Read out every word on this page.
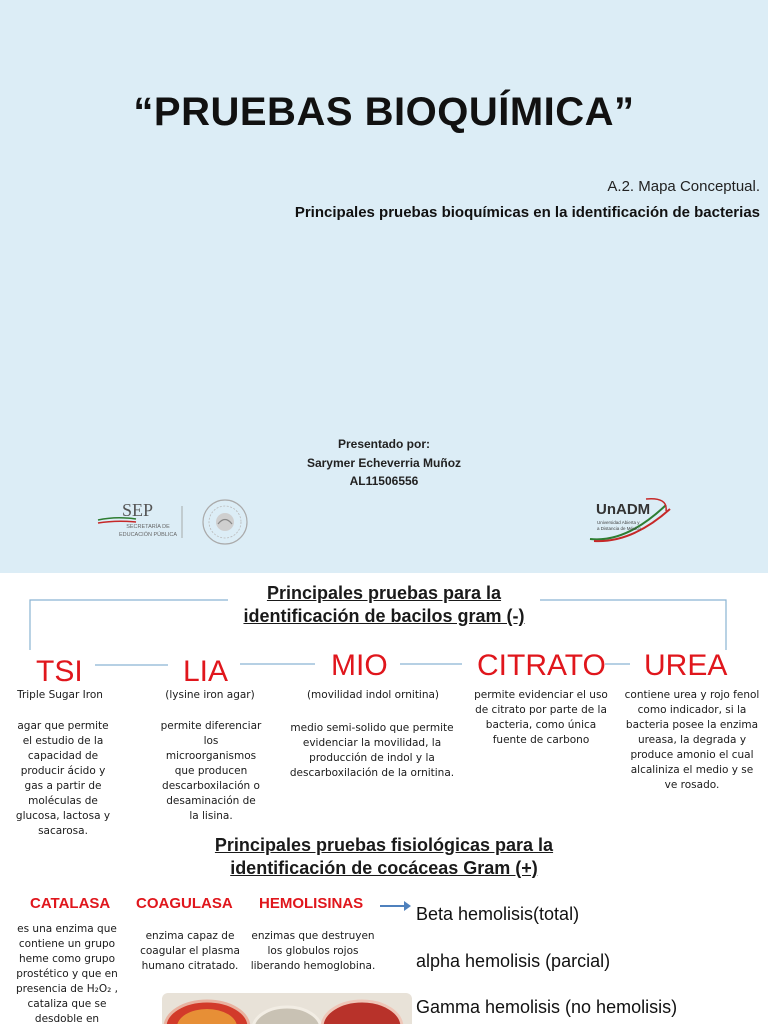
“PRUEBAS BIOQUÍMICA”
A.2. Mapa Conceptual.
Principales pruebas bioquímicas en la identificación de bacterias
Presentado por:
Sarymer Echeverria Muñoz
AL11506556
SEP
SECRETARÍA DE
EDUCACIÓN PÚBLICA
UnADM
Universidad Abierta y
a Distancia de México
Principales pruebas para la
identificación de bacilos gram (-)
TSI
Triple Sugar Iron
agar que permite el estudio de la capacidad de producir ácido y gas a partir de moléculas de glucosa, lactosa y sacarosa.
LIA
(lysine iron agar)
permite diferenciar los microorganismos que producen descarboxilación o desaminación de la lisina.
MIO
(movilidad indol ornitina)
medio semi-solido que permite evidenciar la movilidad, la producción de indol y la descarboxilación de la ornitina.
CITRATO
permite evidenciar el uso de citrato por parte de la bacteria, como única fuente de carbono
UREA
contiene urea y rojo fenol como indicador, si la bacteria posee la enzima ureasa, la degrada y produce amonio el cual alcaliniza el medio y se ve rosado.
Principales pruebas fisiológicas para la
identificación de cocáceas Gram (+)
CATALASA
es una enzima que contiene un grupo heme como grupo prostético y que en presencia de H₂O₂ , cataliza que se desdoble en
COAGULASA
enzima capaz de coagular el plasma humano citratado.
HEMOLISINAS
enzimas que destruyen los globulos rojos liberando hemoglobina.
Beta hemolisis(total)
alpha hemolisis (parcial)
Gamma hemolisis (no hemolisis)
